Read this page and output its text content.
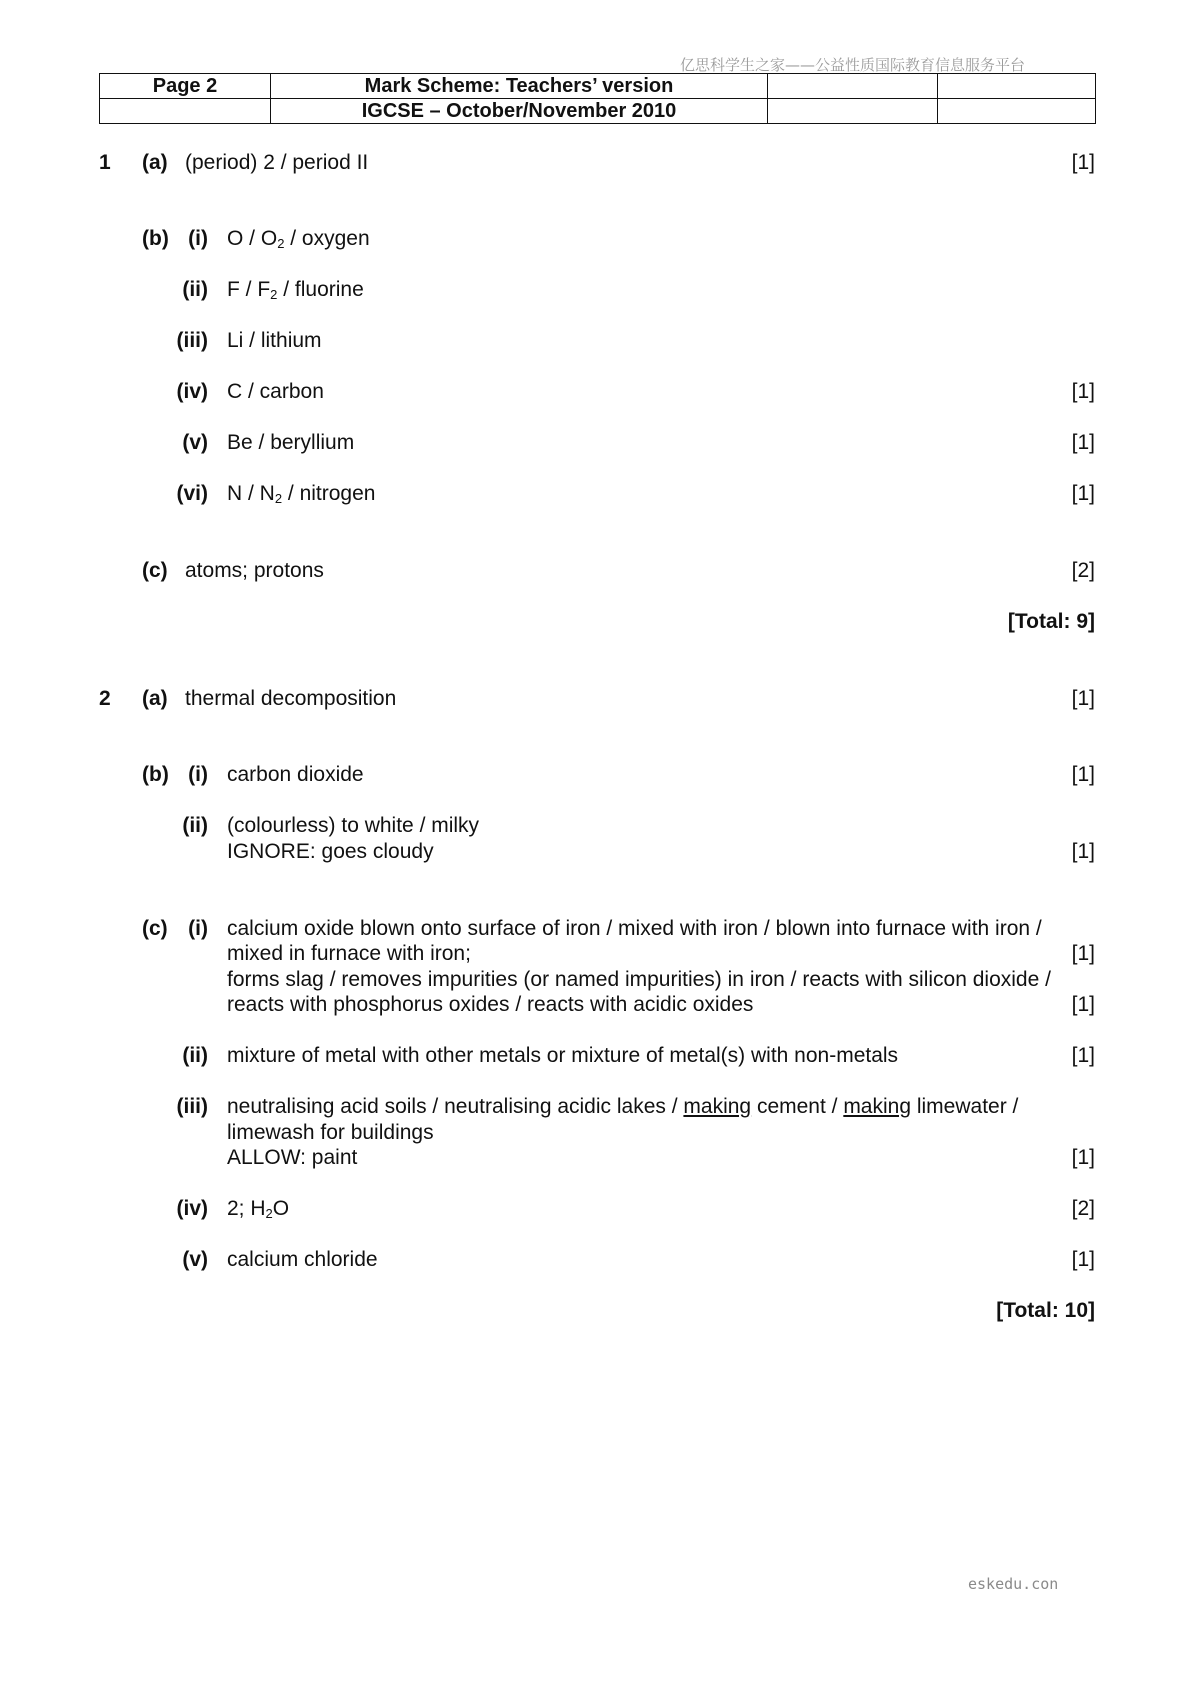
亿思科学生之家——公益性质国际教育信息服务平台
Page 2	Mark Scheme: Teachers’ version		
	IGCSE – October/November 2010		
1 (a) (period) 2 / period II	[1]
(b) (i) O / $O_2$ / oxygen
(ii) F / $F_2$ / fluorine
(iii) Li / lithium
(iv) C / carbon	[1]
(v) Be / beryllium	[1]
(vi) N / $N_2$ / nitrogen	[1]
(c) atoms; protons	[2]
[Total: 9]
2 (a) thermal decomposition	[1]
(b) (i) carbon dioxide	[1]
(ii) (colourless) to white / milky
IGNORE: goes cloudy	[1]
(c) (i) calcium oxide blown onto surface of iron / mixed with iron / blown into furnace with iron /
mixed in furnace with iron;	[1]
forms slag / removes impurities (or named impurities) in iron / reacts with silicon dioxide /
reacts with phosphorus oxides / reacts with acidic oxides	[1]
(ii) mixture of metal with other metals or mixture of metal(s) with non-metals	[1]
(iii) neutralising acid soils / neutralising acidic lakes / making cement / making limewater /
limewash for buildings
ALLOW: paint	[1]
(iv) 2; $H_2O$	[2]
(v) calcium chloride	[1]
[Total: 10]
eskedu.con
